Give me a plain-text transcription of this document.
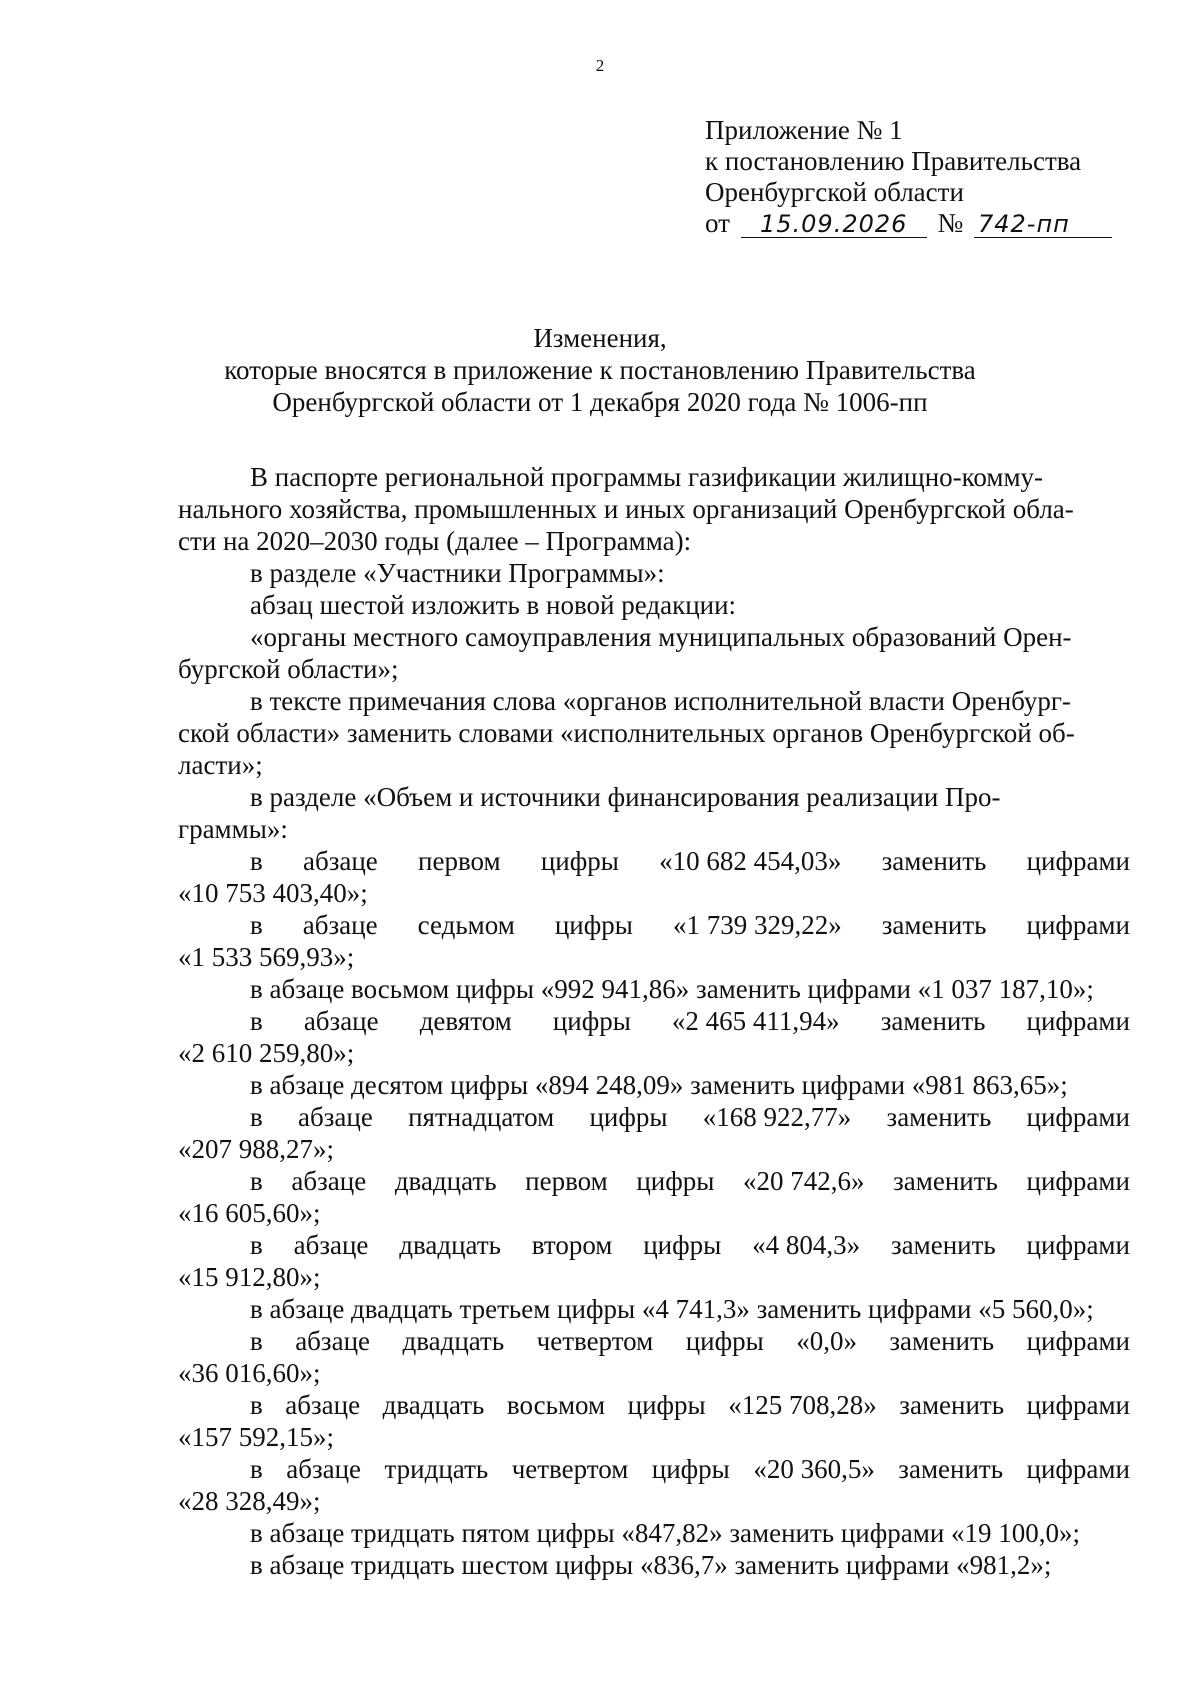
2
Приложение № 1
к постановлению Правительства
Оренбургской области
от 15.09.2026 № 742-пп
Изменения,
которые вносятся в приложение к постановлению Правительства
Оренбургской области от 1 декабря 2020 года № 1006-пп
В паспорте региональной программы газификации жилищно-комму-
нального хозяйства, промышленных и иных организаций Оренбургской обла-
сти на 2020–2030 годы (далее – Программа):
в разделе «Участники Программы»:
абзац шестой изложить в новой редакции:
«органы местного самоуправления муниципальных образований Орен-
бургской области»;
в тексте примечания слова «органов исполнительной власти Оренбург-
ской области» заменить словами «исполнительных органов Оренбургской об-
ласти»;
в разделе «Объем и источники финансирования реализации Про-
граммы»:
в абзаце первом цифры «10 682 454,03» заменить цифрами
«10 753 403,40»;
в абзаце седьмом цифры «1 739 329,22» заменить цифрами
«1 533 569,93»;
в абзаце восьмом цифры «992 941,86» заменить цифрами «1 037 187,10»;
в абзаце девятом цифры «2 465 411,94» заменить цифрами
«2 610 259,80»;
в абзаце десятом цифры «894 248,09» заменить цифрами «981 863,65»;
в абзаце пятнадцатом цифры «168 922,77» заменить цифрами
«207 988,27»;
в абзаце двадцать первом цифры «20 742,6» заменить цифрами
«16 605,60»;
в абзаце двадцать втором цифры «4 804,3» заменить цифрами
«15 912,80»;
в абзаце двадцать третьем цифры «4 741,3» заменить цифрами «5 560,0»;
в абзаце двадцать четвертом цифры «0,0» заменить цифрами
«36 016,60»;
в абзаце двадцать восьмом цифры «125 708,28» заменить цифрами
«157 592,15»;
в абзаце тридцать четвертом цифры «20 360,5» заменить цифрами
«28 328,49»;
в абзаце тридцать пятом цифры «847,82» заменить цифрами «19 100,0»;
в абзаце тридцать шестом цифры «836,7» заменить цифрами «981,2»;
